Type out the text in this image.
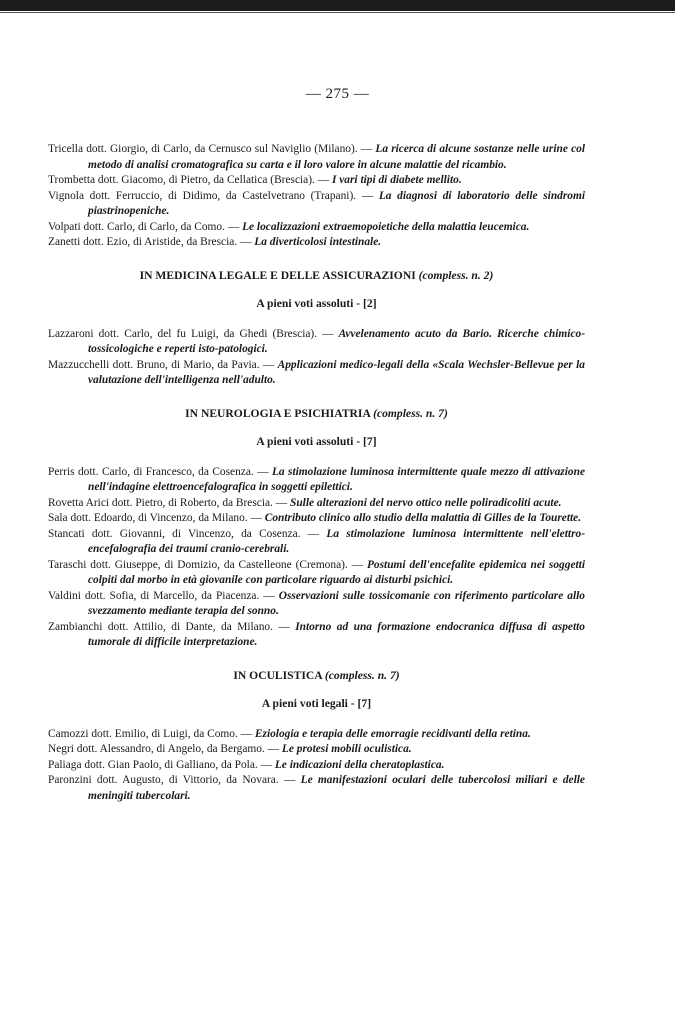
— 275 —

Tricella dott. Giorgio, di Carlo, da Cernusco sul Naviglio (Milano). — La ricerca di alcune sostanze nelle urine col metodo di analisi cromatografica su carta e il loro valore in alcune malattie del ricambio.

Trombetta dott. Giacomo, di Pietro, da Cellatica (Brescia). — I vari tipi di diabete mellito.

Vignola dott. Ferruccio, di Didimo, da Castelvetrano (Trapani). — La diagnosi di laboratorio delle sindromi piastrinopeniche.

Volpati dott. Carlo, di Carlo, da Como. — Le localizzazioni extraemopoietiche della malattia leucemica.

Zanetti dott. Ezio, di Aristide, da Brescia. — La diverticolosi intestinale.

IN MEDICINA LEGALE E DELLE ASSICURAZIONI (compless. n. 2)

A pieni voti assoluti - [2]

Lazzaroni dott. Carlo, del fu Luigi, da Ghedi (Brescia). — Avvelenamento acuto da Bario. Ricerche chimico-tossicologiche e reperti isto-patologici.

Mazzucchelli dott. Bruno, di Mario, da Pavia. — Applicazioni medico-legali della «Scala Wechsler-Bellevue per la valutazione dell'intelligenza nell'adulto.

IN NEUROLOGIA E PSICHIATRIA (compless. n. 7)

A pieni voti assoluti - [7]

Perris dott. Carlo, di Francesco, da Cosenza. — La stimolazione luminosa intermittente quale mezzo di attivazione nell'indagine elettroencefalografica in soggetti epilettici.

Rovetta Arici dott. Pietro, di Roberto, da Brescia. — Sulle alterazioni del nervo ottico nelle poliradicoliti acute.

Sala dott. Edoardo, di Vincenzo, da Milano. — Contributo clinico allo studio della malattia di Gilles de la Tourette.

Stancati dott. Giovanni, di Vincenzo, da Cosenza. — La stimolazione luminosa intermittente nell'elettro-encefalografia dei traumi cranio-cerebrali.

Taraschi dott. Giuseppe, di Domizio, da Castelleone (Cremona). — Postumi dell'encefalite epidemica nei soggetti colpiti dal morbo in età giovanile con particolare riguardo ai disturbi psichici.

Valdini dott. Sofia, di Marcello, da Piacenza. — Osservazioni sulle tossicomanie con riferimento particolare allo svezzamento mediante terapia del sonno.

Zambianchi dott. Attilio, di Dante, da Milano. — Intorno ad una formazione endocranica diffusa di aspetto tumorale di difficile interpretazione.

IN OCULISTICA (compless. n. 7)

A pieni voti legali - [7]

Camozzi dott. Emilio, di Luigi, da Como. — Eziologia e terapia delle emorragie recidivanti della retina.

Negri dott. Alessandro, di Angelo, da Bergamo. — Le protesi mobili oculistica.

Paliaga dott. Gian Paolo, di Galliano, da Pola. — Le indicazioni della cheratoplastica.

Paronzini dott. Augusto, di Vittorio, da Novara. — Le manifestazioni oculari delle tubercolosi miliari e delle meningiti tubercolari.
